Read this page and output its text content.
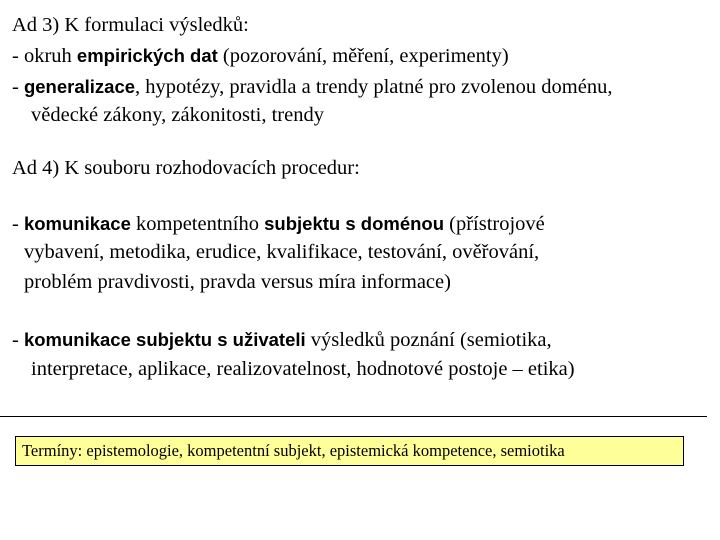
Ad 3) K formulaci výsledků:
- okruh empirických dat (pozorování, měření, experimenty)
- generalizace, hypotézy, pravidla a trendy platné pro zvolenou doménu,
vědecké zákony, zákonitosti, trendy
Ad 4) K souboru rozhodovacích procedur:
- komunikace kompetentního subjektu s doménou (přístrojové
vybavení, metodika, erudice, kvalifikace, testování, ověřování,
problém pravdivosti, pravda versus míra informace)
- komunikace subjektu s uživateli výsledků poznání (semiotika,
interpretace, aplikace, realizovatelnost, hodnotové postoje – etika)
Termíny: epistemologie, kompetentní subjekt, epistemická kompetence, semiotika
